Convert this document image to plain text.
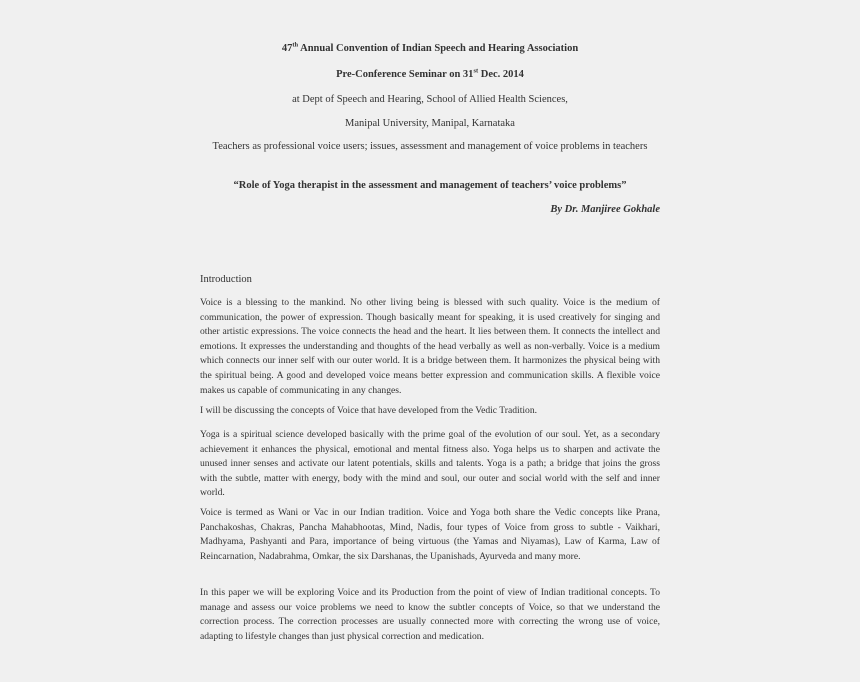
47th Annual Convention of Indian Speech and Hearing Association
Pre-Conference Seminar on 31st Dec. 2014
at Dept of Speech and Hearing, School of Allied Health Sciences,
Manipal University, Manipal, Karnataka
Teachers as professional voice users; issues, assessment and management of voice problems in teachers
“Role of Yoga therapist in the assessment and management of teachers’ voice problems”
By Dr. Manjiree Gokhale
Introduction

Voice is a blessing to the mankind. No other living being is blessed with such quality. Voice is the medium of communication, the power of expression. Though basically meant for speaking, it is used creatively for singing and other artistic expressions. The voice connects the head and the heart. It lies between them. It connects the intellect and emotions. It expresses the understanding and thoughts of the head verbally as well as non-verbally. Voice is a medium which connects our inner self with our outer world. It is a bridge between them. It harmonizes the physical being with the spiritual being. A good and developed voice means better expression and communication skills. A flexible voice makes us capable of communicating in any changes.

I will be discussing the concepts of Voice that have developed from the Vedic Tradition.

Yoga is a spiritual science developed basically with the prime goal of the evolution of our soul. Yet, as a secondary achievement it enhances the physical, emotional and mental fitness also. Yoga helps us to sharpen and activate the unused inner senses and activate our latent potentials, skills and talents. Yoga is a path; a bridge that joins the gross with the subtle, matter with energy, body with the mind and soul, our outer and social world with the self and inner world.

Voice is termed as Wani or Vac in our Indian tradition. Voice and Yoga both share the Vedic concepts like Prana, Panchakoshas, Chakras, Pancha Mahabhootas, Mind, Nadis, four types of Voice from gross to subtle - Vaikhari, Madhyama, Pashyanti and Para, importance of being virtuous (the Yamas and Niyamas), Law of Karma, Law of Reincarnation, Nadabrahma, Omkar, the six Darshanas, the Upanishads, Ayurveda and many more.

In this paper we will be exploring Voice and its Production from the point of view of Indian traditional concepts. To manage and assess our voice problems we need to know the subtler concepts of Voice, so that we understand the correction process. The correction processes are usually connected more with correcting the wrong use of voice, adapting to lifestyle changes than just physical correction and medication.
